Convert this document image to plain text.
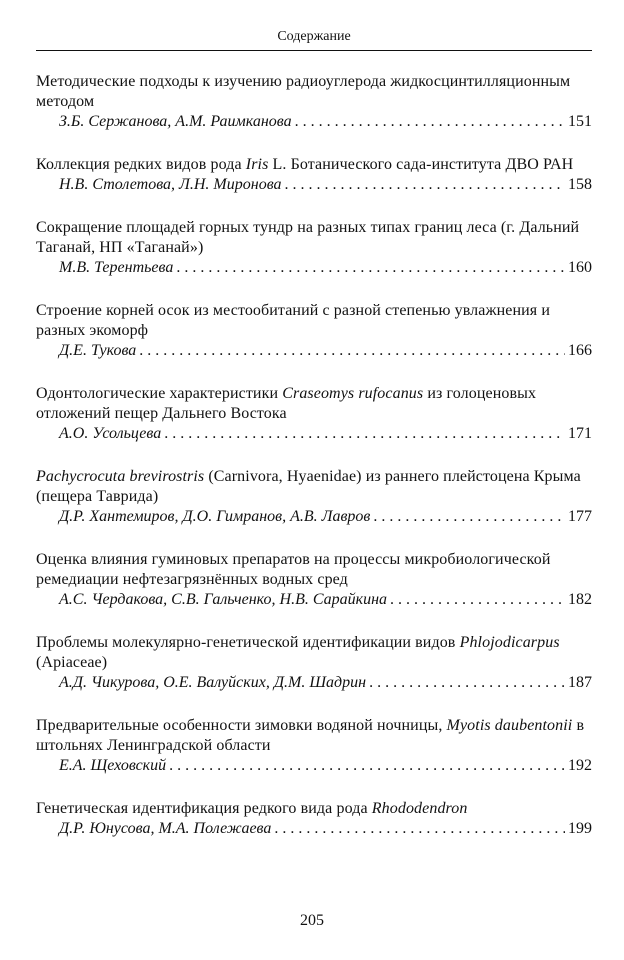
Содержание

Методические подходы к изучению радиоуглерода жидкосцинтилляционным методом

З.Б. Сержанова, А.М. Раимканова . . .	151

Коллекция редких видов рода Iris L. Ботанического сада-института ДВО РАН

Н.В. Столетова, Л.Н. Миронова . . .	158

Сокращение площадей горных тундр на разных типах границ леса (г. Дальний Таганай, НП «Таганай»)

М.В. Терентьева . . .	160

Строение корней осок из местообитаний с разной степенью увлажнения и разных экоморф

Д.Е. Тукова . . .	166

Одонтологические характеристики Craseomys rufocanus из голоценовых отложений пещер Дальнего Востока

А.О. Усольцева . . .	171

Pachycrocuta brevirostris (Carnivora, Hyaenidae) из раннего плейстоцена Крыма (пещера Таврида)

Д.Р. Хантемиров, Д.О. Гимранов, А.В. Лавров . . .	177

Оценка влияния гуминовых препаратов на процессы микробиологической ремедиации нефтезагрязнённых водных сред

А.С. Чердакова, С.В. Гальченко, Н.В. Сарайкина . . .	182

Проблемы молекулярно-генетической идентификации видов Phlojodicarpus (Apiaceae)

А.Д. Чикурова, О.Е. Валуйских, Д.М. Шадрин . . .	187

Предварительные особенности зимовки водяной ночницы, Myotis daubentonii в штольнях Ленинградской области

Е.А. Щеховский . . .	192

Генетическая идентификация редкого вида рода Rhododendron

Д.Р. Юнусова, М.А. Полежаева . . .	199
205
